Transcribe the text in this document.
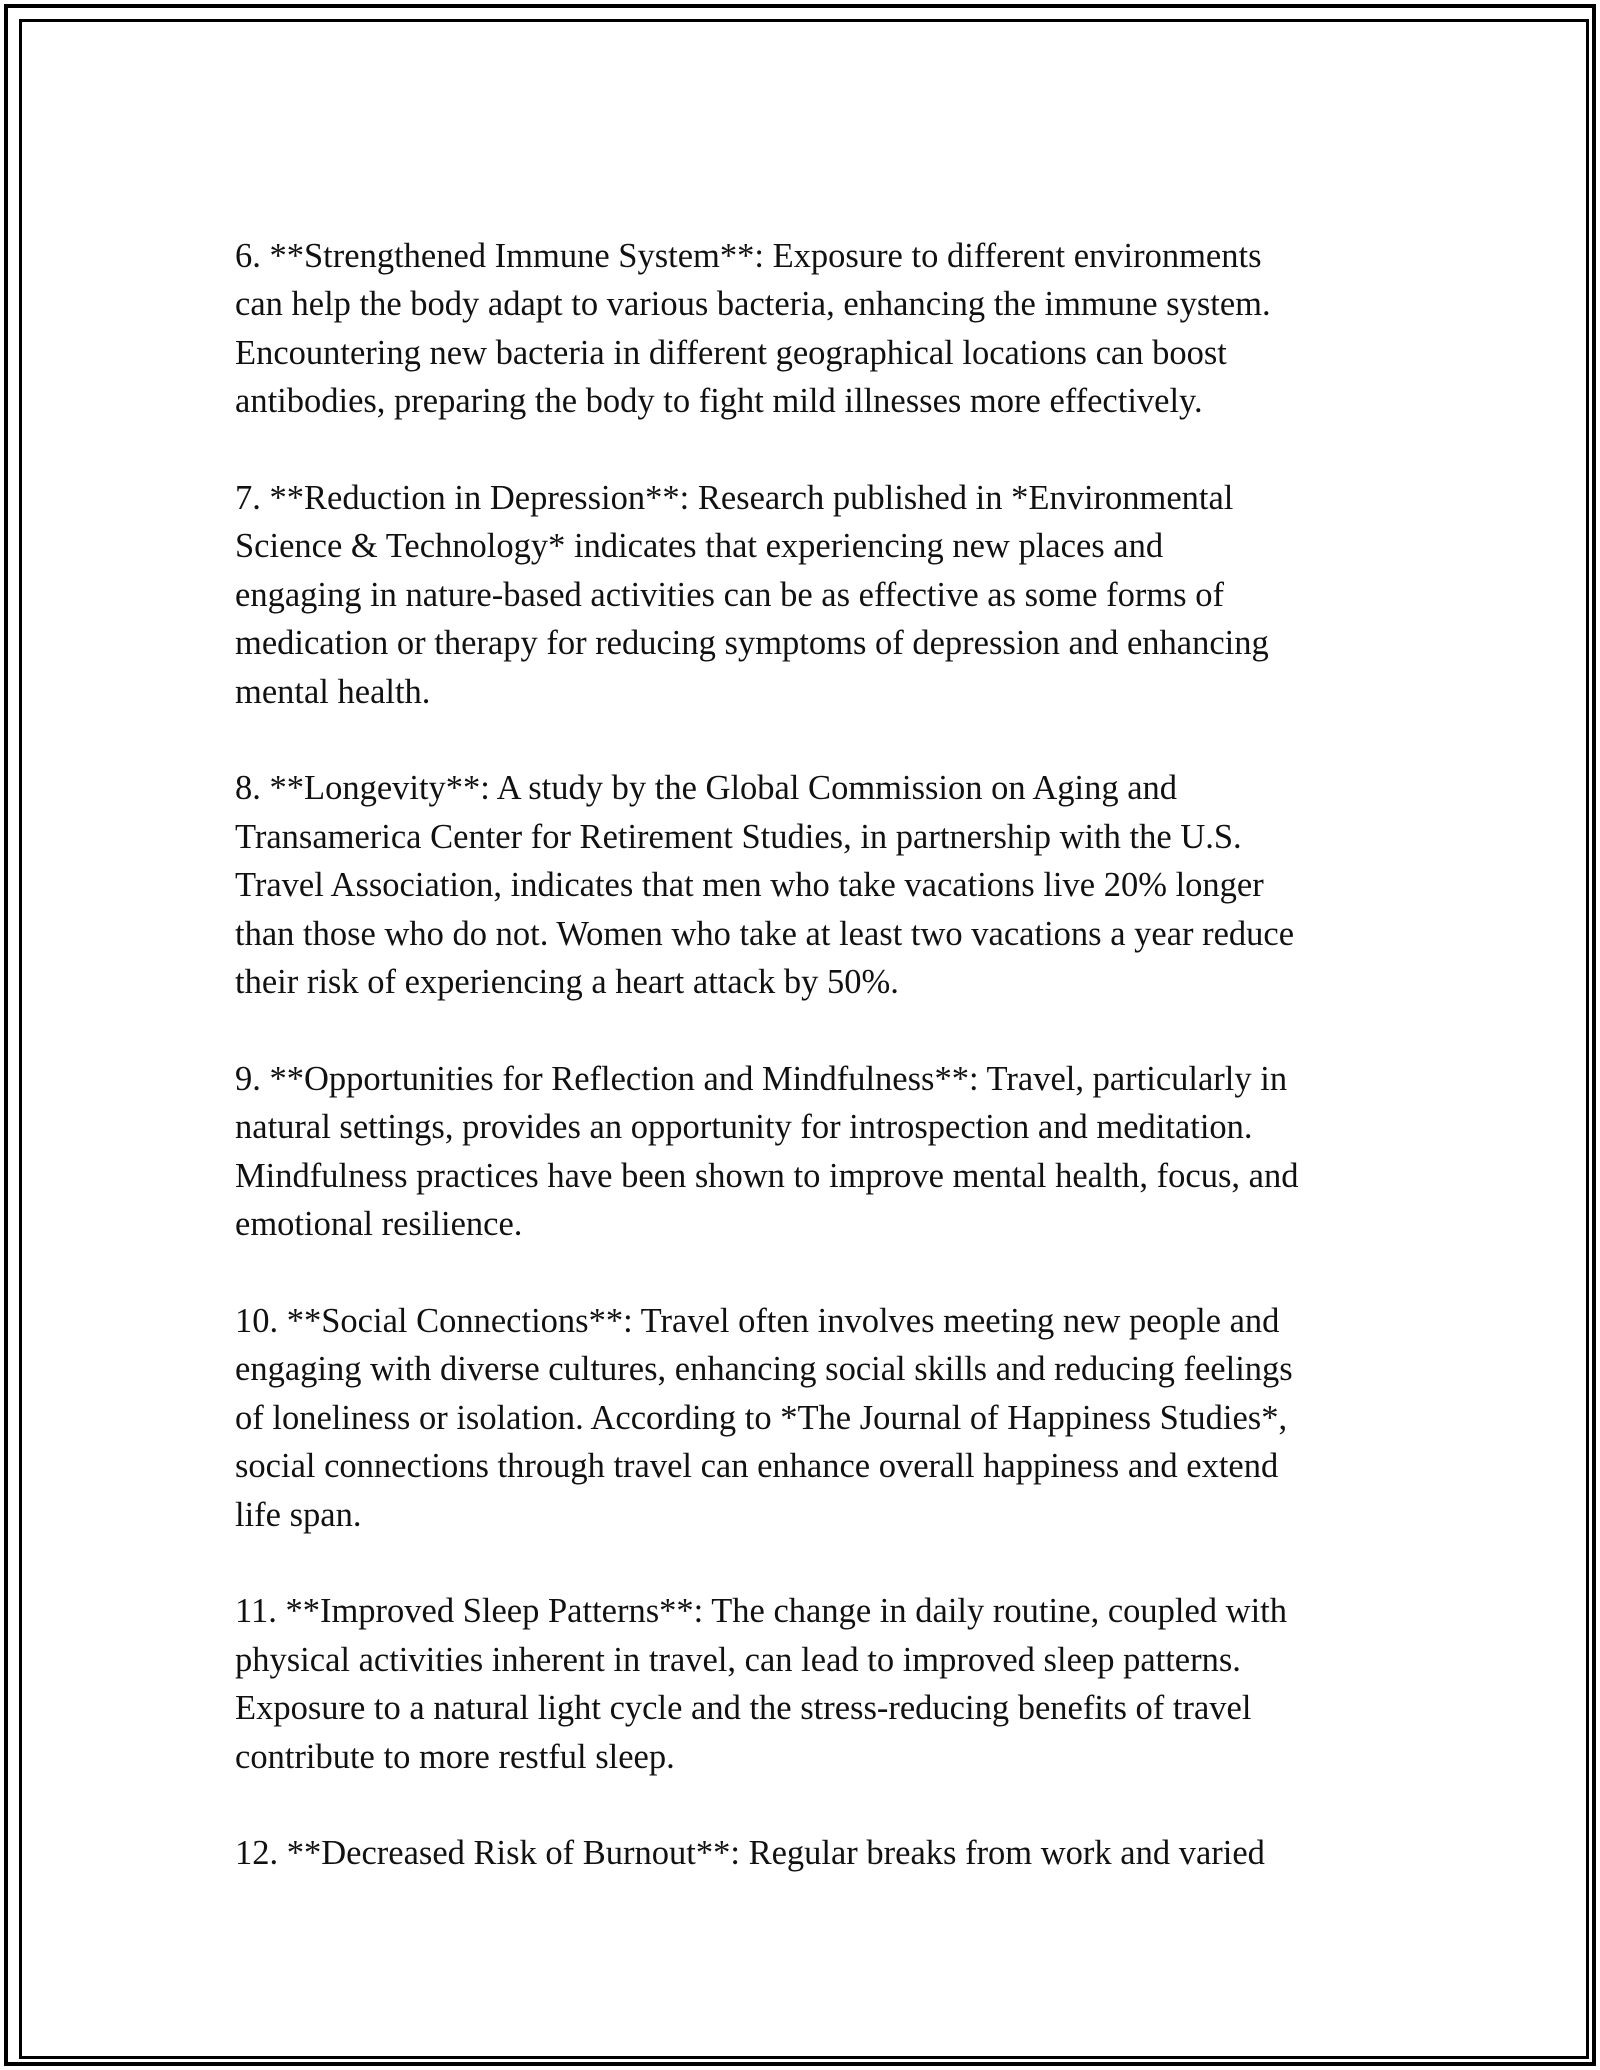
6. **Strengthened Immune System**: Exposure to different environments
can help the body adapt to various bacteria, enhancing the immune system.
Encountering new bacteria in different geographical locations can boost
antibodies, preparing the body to fight mild illnesses more effectively.

7. **Reduction in Depression**: Research published in *Environmental
Science & Technology* indicates that experiencing new places and
engaging in nature-based activities can be as effective as some forms of
medication or therapy for reducing symptoms of depression and enhancing
mental health.

8. **Longevity**: A study by the Global Commission on Aging and
Transamerica Center for Retirement Studies, in partnership with the U.S.
Travel Association, indicates that men who take vacations live 20% longer
than those who do not. Women who take at least two vacations a year reduce
their risk of experiencing a heart attack by 50%.

9. **Opportunities for Reflection and Mindfulness**: Travel, particularly in
natural settings, provides an opportunity for introspection and meditation.
Mindfulness practices have been shown to improve mental health, focus, and
emotional resilience.

10. **Social Connections**: Travel often involves meeting new people and
engaging with diverse cultures, enhancing social skills and reducing feelings
of loneliness or isolation. According to *The Journal of Happiness Studies*,
social connections through travel can enhance overall happiness and extend
life span.

11. **Improved Sleep Patterns**: The change in daily routine, coupled with
physical activities inherent in travel, can lead to improved sleep patterns.
Exposure to a natural light cycle and the stress-reducing benefits of travel
contribute to more restful sleep.

12. **Decreased Risk of Burnout**: Regular breaks from work and varied
